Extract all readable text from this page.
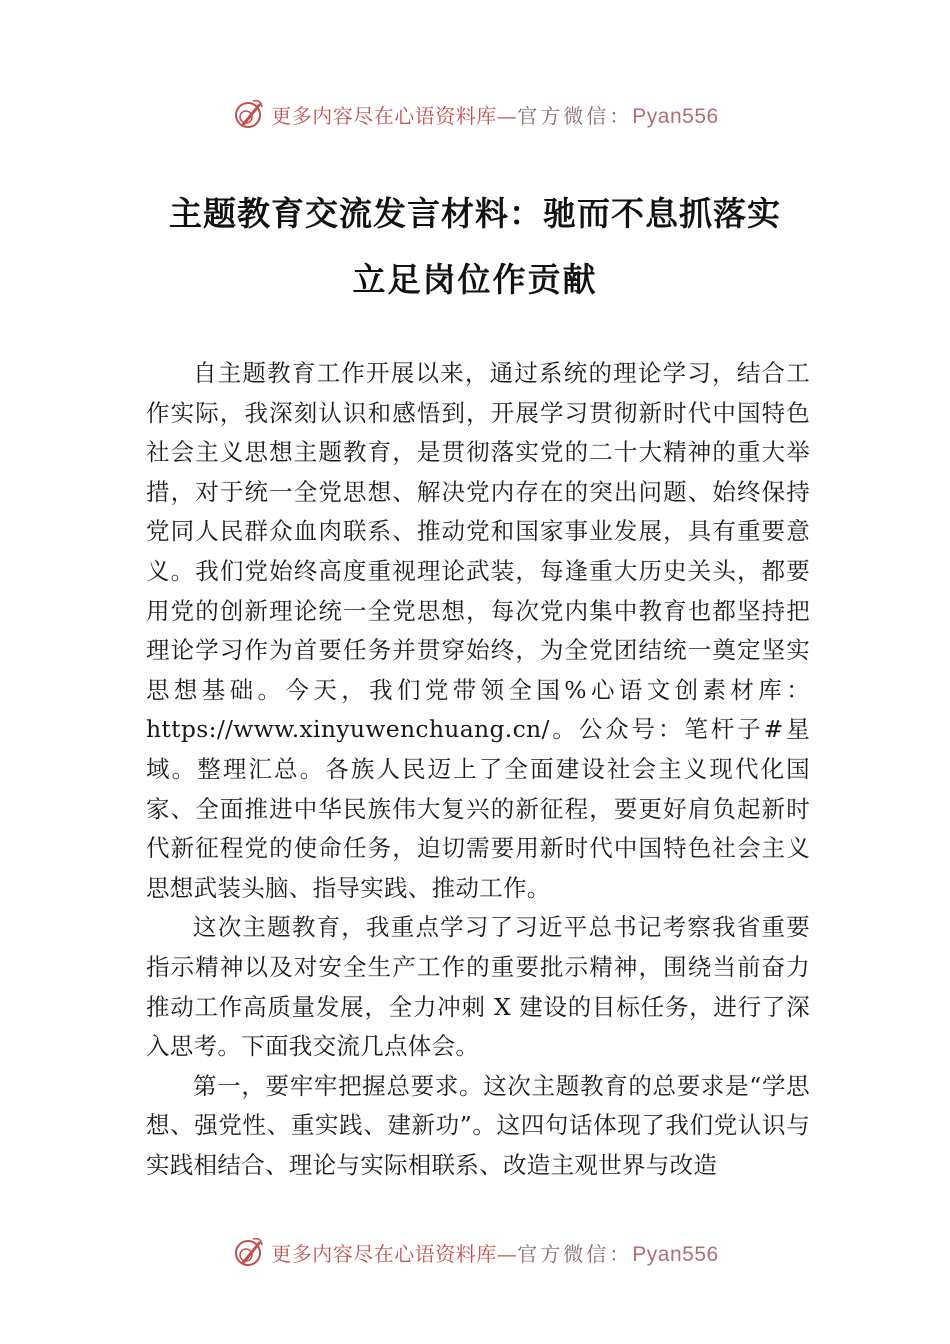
更多内容尽在心语资料库—官方微信：Pyan556
主题教育交流发言材料：驰而不息抓落实
立足岗位作贡献

自主题教育工作开展以来，通过系统的理论学习，结合工作实际，我深刻认识和感悟到，开展学习贯彻新时代中国特色社会主义思想主题教育，是贯彻落实党的二十大精神的重大举措，对于统一全党思想、解决党内存在的突出问题、始终保持党同人民群众血肉联系、推动党和国家事业发展，具有重要意义。我们党始终高度重视理论武装，每逢重大历史关头，都要用党的创新理论统一全党思想，每次党内集中教育也都坚持把理论学习作为首要任务并贯穿始终，为全党团结统一奠定坚实思想基础。今天，我们党带领全国%心语文创素材库：https://www.xinyuwenchuang.cn/。公众号：笔杆子#星域。整理汇总。各族人民迈上了全面建设社会主义现代化国家、全面推进中华民族伟大复兴的新征程，要更好肩负起新时代新征程党的使命任务，迫切需要用新时代中国特色社会主义思想武装头脑、指导实践、推动工作。

这次主题教育，我重点学习了习近平总书记考察我省重要指示精神以及对安全生产工作的重要批示精神，围绕当前奋力推动工作高质量发展，全力冲刺 X 建设的目标任务，进行了深入思考。下面我交流几点体会。

第一，要牢牢把握总要求。这次主题教育的总要求是“学思想、强党性、重实践、建新功”。这四句话体现了我们党认识与实践相结合、理论与实际相联系、改造主观世界与改造

更多内容尽在心语资料库—官方微信：Pyan556
